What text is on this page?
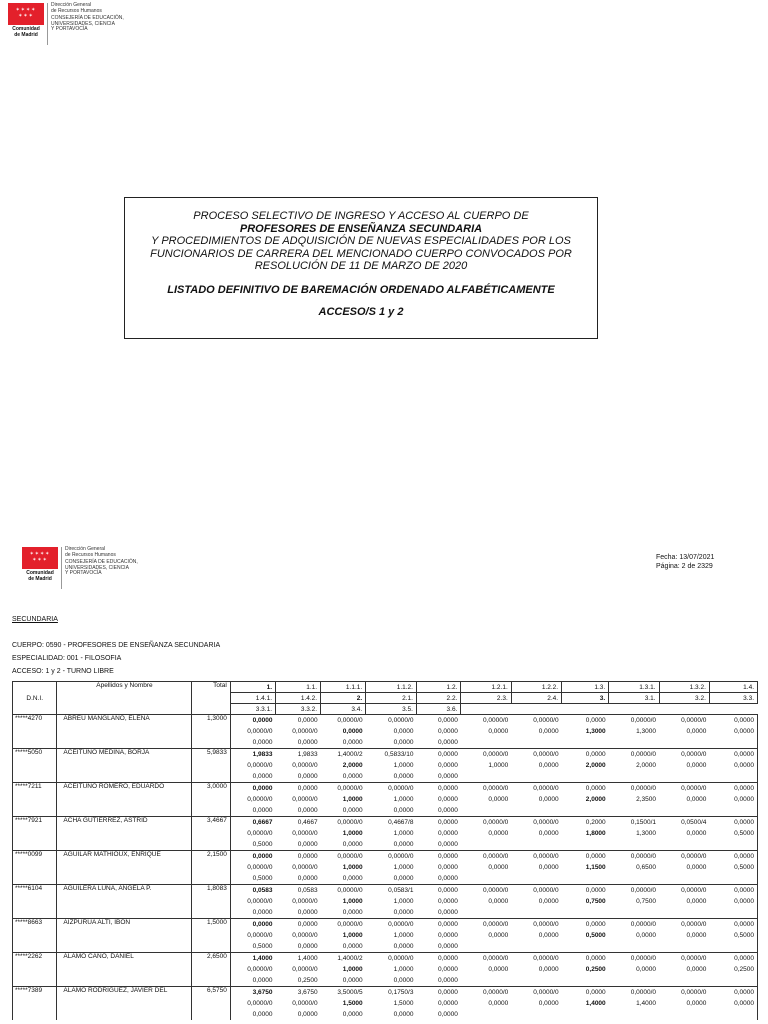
✶✶✶✶
✶✶✶
Comunidad
de Madrid
Dirección General
de Recursos Humanos
CONSEJERÍA DE EDUCACIÓN,
UNIVERSIDADES, CIENCIA
Y PORTAVOCÍA
PROCESO SELECTIVO DE INGRESO Y ACCESO AL CUERPO DE
PROFESORES DE ENSEÑANZA SECUNDARIA
Y PROCEDIMIENTOS DE ADQUISICIÓN DE NUEVAS ESPECIALIDADES POR LOS
FUNCIONARIOS DE CARRERA DEL MENCIONADO CUERPO CONVOCADOS POR
RESOLUCIÓN DE 11 DE MARZO DE 2020
LISTADO DEFINITIVO DE BAREMACIÓN ORDENADO ALFABÉTICAMENTE
ACCESO/S 1 y 2
✶✶✶✶
✶✶✶
Comunidad
de Madrid
Dirección General
de Recursos Humanos
CONSEJERÍA DE EDUCACIÓN,
UNIVERSIDADES, CIENCIA
Y PORTAVOCÍA
Fecha: 13/07/2021
Página: 2 de 2329
SECUNDARIA
CUERPO: 0590 - PROFESORES DE ENSEÑANZA SECUNDARIA
ESPECIALIDAD: 001 - FILOSOFIA
ACCESO: 1 y 2 - TURNO LIBRE
D.N.I.	Apellidos y Nombre	Total	1.	1.1.	1.1.1.	1.1.2.	1.2.	1.2.1.	1.2.2.	1.3.	1.3.1.	1.3.2.	1.4.
			1.4.1.	1.4.2.	2.	2.1.	2.2.	2.3.	2.4.	3.	3.1.	3.2.	3.3.
			3.3.1.	3.3.2.	3.4.	3.5.	3.6.						
*****4270	ABREU MANGLANO, ELENA	1,3000	0,0000	0,0000	0,0000/0	0,0000/0	0,0000	0,0000/0	0,0000/0	0,0000	0,0000/0	0,0000/0	0,0000
			0,0000/0	0,0000/0	0,0000	0,0000	0,0000	0,0000	0,0000	1,3000	1,3000	0,0000	0,0000
			0,0000	0,0000	0,0000	0,0000	0,0000						
*****5050	ACEITUNO MEDINA, BORJA	5,9833	1,9833	1,9833	1,4000/2	0,5833/10	0,0000	0,0000/0	0,0000/0	0,0000	0,0000/0	0,0000/0	0,0000
			0,0000/0	0,0000/0	2,0000	1,0000	0,0000	1,0000	0,0000	2,0000	2,0000	0,0000	0,0000
			0,0000	0,0000	0,0000	0,0000	0,0000						
*****7211	ACEITUNO ROMERO, EDUARDO	3,0000	0,0000	0,0000	0,0000/0	0,0000/0	0,0000	0,0000/0	0,0000/0	0,0000	0,0000/0	0,0000/0	0,0000
			0,0000/0	0,0000/0	1,0000	1,0000	0,0000	0,0000	0,0000	2,0000	2,3500	0,0000	0,0000
			0,0000	0,0000	0,0000	0,0000	0,0000						
*****7921	ACHA GUTIERREZ, ASTRID	3,4667	0,6667	0,4667	0,0000/0	0,4667/8	0,0000	0,0000/0	0,0000/0	0,2000	0,1500/1	0,0500/4	0,0000
			0,0000/0	0,0000/0	1,0000	1,0000	0,0000	0,0000	0,0000	1,8000	1,3000	0,0000	0,5000
			0,5000	0,0000	0,0000	0,0000	0,0000						
*****0099	AGUILAR MATHIOUX, ENRIQUE	2,1500	0,0000	0,0000	0,0000/0	0,0000/0	0,0000	0,0000/0	0,0000/0	0,0000	0,0000/0	0,0000/0	0,0000
			0,0000/0	0,0000/0	1,0000	1,0000	0,0000	0,0000	0,0000	1,1500	0,6500	0,0000	0,5000
			0,5000	0,0000	0,0000	0,0000	0,0000						
*****6104	AGUILERA LUNA, ANGELA P.	1,8083	0,0583	0,0583	0,0000/0	0,0583/1	0,0000	0,0000/0	0,0000/0	0,0000	0,0000/0	0,0000/0	0,0000
			0,0000/0	0,0000/0	1,0000	1,0000	0,0000	0,0000	0,0000	0,7500	0,7500	0,0000	0,0000
			0,0000	0,0000	0,0000	0,0000	0,0000						
*****8663	AIZPURUA ALTI, IBON	1,5000	0,0000	0,0000	0,0000/0	0,0000/0	0,0000	0,0000/0	0,0000/0	0,0000	0,0000/0	0,0000/0	0,0000
			0,0000/0	0,0000/0	1,0000	1,0000	0,0000	0,0000	0,0000	0,5000	0,0000	0,0000	0,5000
			0,5000	0,0000	0,0000	0,0000	0,0000						
*****2262	ALAMO CANO, DANIEL	2,6500	1,4000	1,4000	1,4000/2	0,0000/0	0,0000	0,0000/0	0,0000/0	0,0000	0,0000/0	0,0000/0	0,0000
			0,0000/0	0,0000/0	1,0000	1,0000	0,0000	0,0000	0,0000	0,2500	0,0000	0,0000	0,2500
			0,0000	0,2500	0,0000	0,0000	0,0000						
*****7389	ALAMO RODRIGUEZ, JAVIER DEL	6,5750	3,6750	3,6750	3,5000/5	0,1750/3	0,0000	0,0000/0	0,0000/0	0,0000	0,0000/0	0,0000/0	0,0000
			0,0000/0	0,0000/0	1,5000	1,5000	0,0000	0,0000	0,0000	1,4000	1,4000	0,0000	0,0000
			0,0000	0,0000	0,0000	0,0000	0,0000						
